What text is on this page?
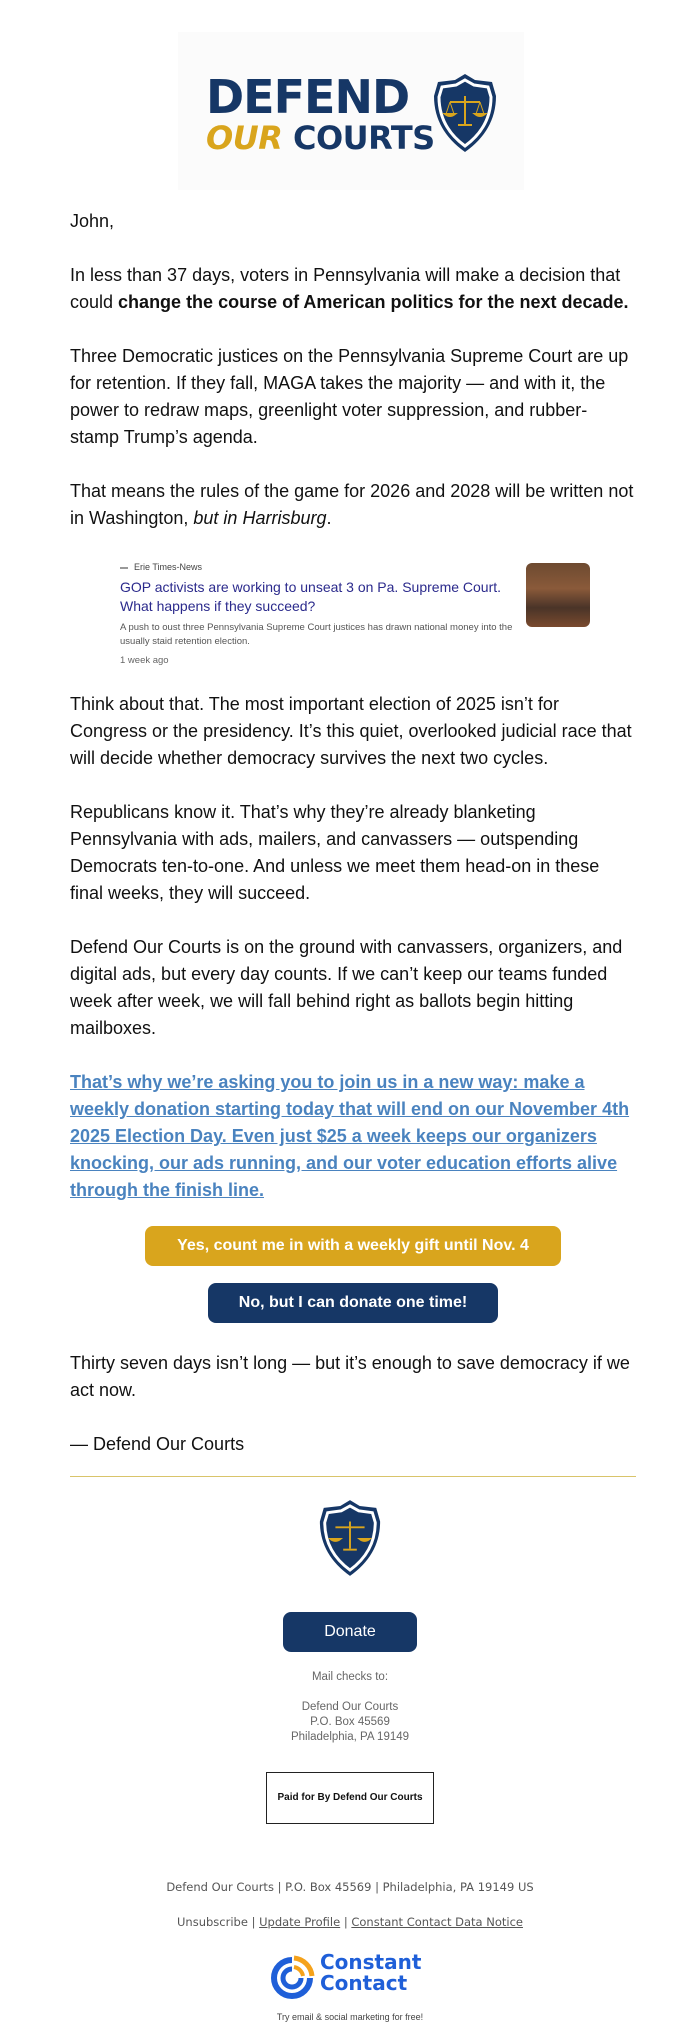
DEFEND
OUR COURTS

John,

In less than 37 days, voters in Pennsylvania will make a decision that could change the course of American politics for the next decade.

Three Democratic justices on the Pennsylvania Supreme Court are up for retention. If they fall, MAGA takes the majority — and with it, the power to redraw maps, greenlight voter suppression, and rubber-stamp Trump’s agenda.

That means the rules of the game for 2026 and 2028 will be written not in Washington, but in Harrisburg.

Erie Times-News
GOP activists are working to unseat 3 on Pa. Supreme Court. What happens if they succeed?
A push to oust three Pennsylvania Supreme Court justices has drawn national money into the usually staid retention election.
1 week ago

Think about that. The most important election of 2025 isn’t for Congress or the presidency. It’s this quiet, overlooked judicial race that will decide whether democracy survives the next two cycles.

Republicans know it. That’s why they’re already blanketing Pennsylvania with ads, mailers, and canvassers — outspending Democrats ten-to-one. And unless we meet them head-on in these final weeks, they will succeed.

Defend Our Courts is on the ground with canvassers, organizers, and digital ads, but every day counts. If we can’t keep our teams funded week after week, we will fall behind right as ballots begin hitting mailboxes.

That’s why we’re asking you to join us in a new way: make a weekly donation starting today that will end on our November 4th 2025 Election Day. Even just $25 a week keeps our organizers knocking, our ads running, and our voter education efforts alive through the finish line.

Yes, count me in with a weekly gift until Nov. 4
No, but I can donate one time!

Thirty seven days isn’t long — but it’s enough to save democracy if we act now.

— Defend Our Courts

Donate
Mail checks to:
Defend Our Courts
P.O. Box 45569
Philadelphia, PA 19149
Paid for By Defend Our Courts
Defend Our Courts | P.O. Box 45569 | Philadelphia, PA 19149 US
Unsubscribe | Update Profile | Constant Contact Data Notice
Constant
Contact
Try email & social marketing for free!
